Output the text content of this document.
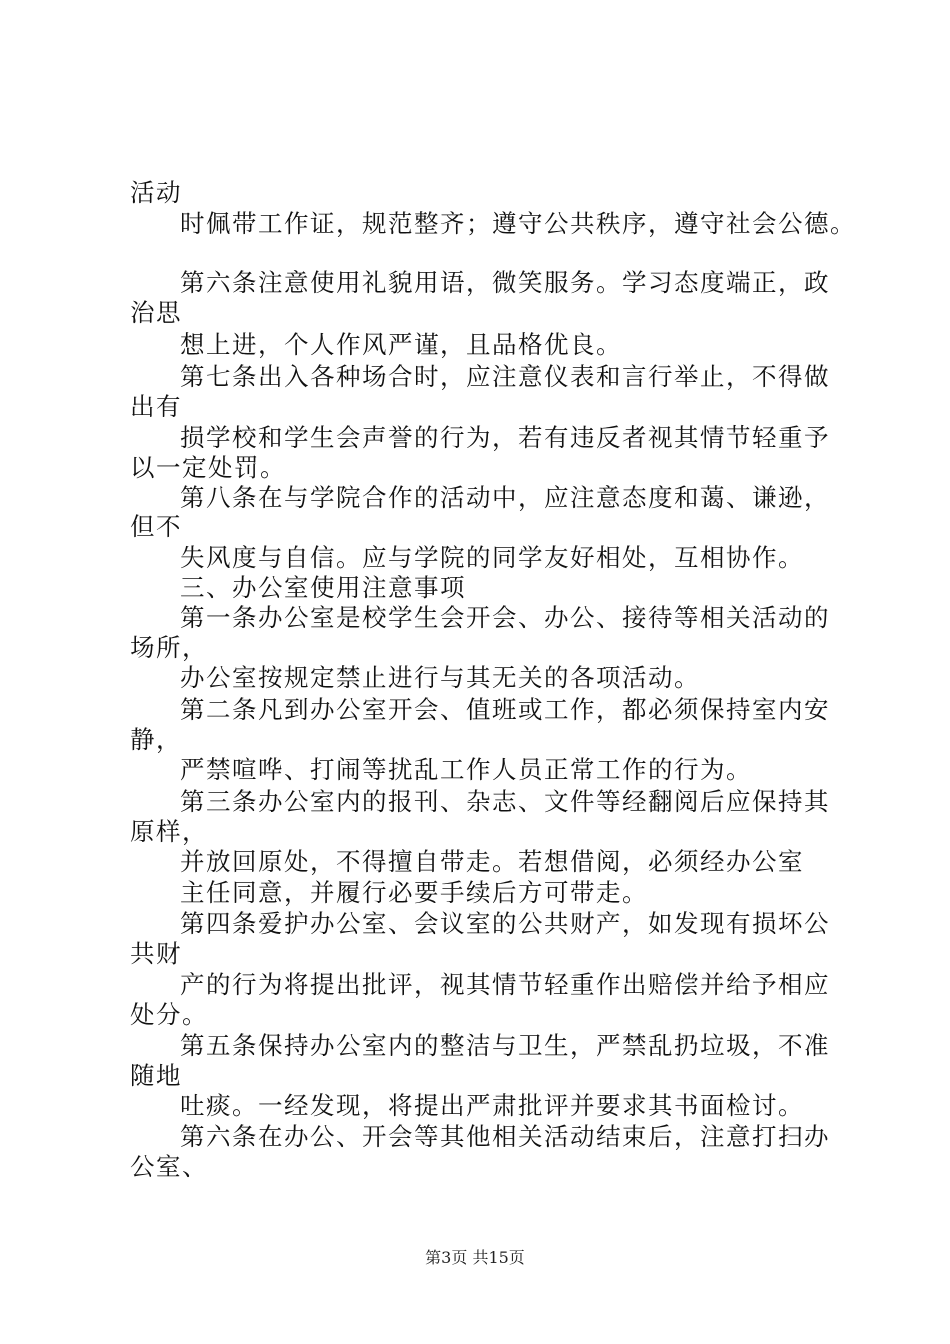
活动
时佩带工作证，规范整齐；遵守公共秩序，遵守社会公德。
第六条注意使用礼貌用语，微笑服务。学习态度端正，政
治思
想上进，个人作风严谨，且品格优良。
第七条出入各种场合时，应注意仪表和言行举止，不得做
出有
损学校和学生会声誉的行为，若有违反者视其情节轻重予
以一定处罚。
第八条在与学院合作的活动中，应注意态度和蔼、谦逊，
但不
失风度与自信。应与学院的同学友好相处，互相协作。
三、办公室使用注意事项
第一条办公室是校学生会开会、办公、接待等相关活动的
场所，
办公室按规定禁止进行与其无关的各项活动。
第二条凡到办公室开会、值班或工作，都必须保持室内安
静，
严禁喧哗、打闹等扰乱工作人员正常工作的行为。
第三条办公室内的报刊、杂志、文件等经翻阅后应保持其
原样，
并放回原处，不得擅自带走。若想借阅，必须经办公室
主任同意，并履行必要手续后方可带走。
第四条爱护办公室、会议室的公共财产，如发现有损坏公
共财
产的行为将提出批评，视其情节轻重作出赔偿并给予相应
处分。
第五条保持办公室内的整洁与卫生，严禁乱扔垃圾，不准
随地
吐痰。一经发现，将提出严肃批评并要求其书面检讨。
第六条在办公、开会等其他相关活动结束后，注意打扫办
公室、
第3页 共15页
